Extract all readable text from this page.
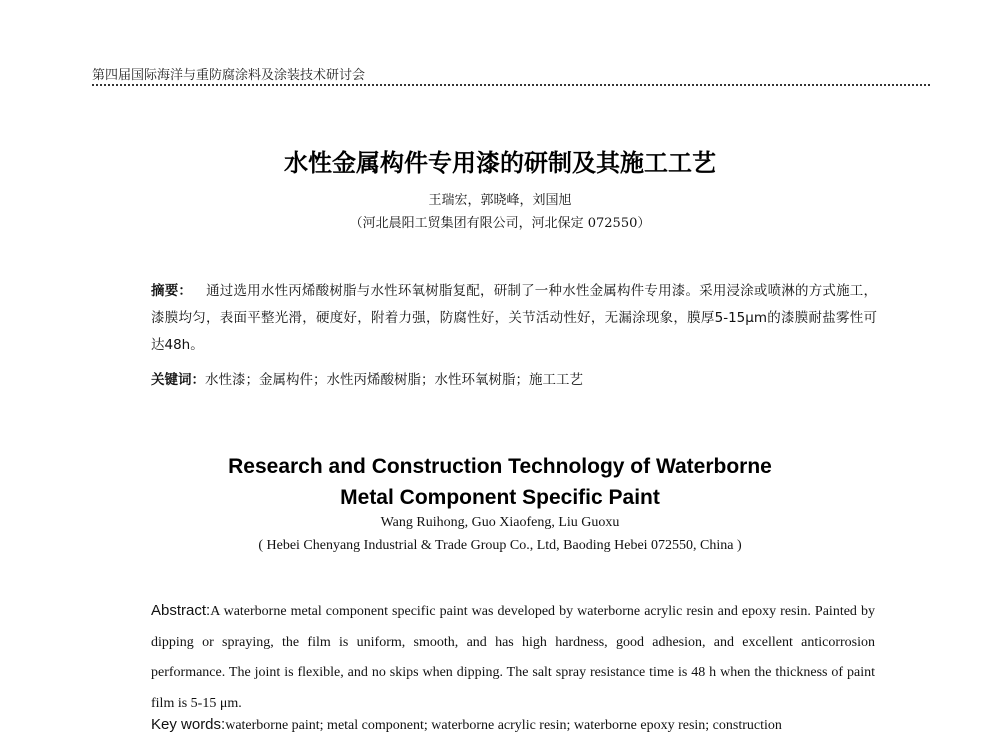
第四届国际海洋与重防腐涂料及涂装技术研讨会
水性金属构件专用漆的研制及其施工工艺
王瑞宏，郭晓峰，刘国旭
（河北晨阳工贸集团有限公司，河北保定 072550）
摘要： 通过选用水性丙烯酸树脂与水性环氧树脂复配，研制了一种水性金属构件专用漆。采用浸涂或喷淋的方式施工，漆膜均匀，表面平整光滑，硬度好，附着力强，防腐性好，关节活动性好，无漏涂现象，膜厚5-15μm的漆膜耐盐雾性可达48h。
关键词：水性漆；金属构件；水性丙烯酸树脂；水性环氧树脂；施工工艺
Research and Construction Technology of Waterborne
Metal Component Specific Paint
Wang Ruihong, Guo Xiaofeng, Liu Guoxu
( Hebei Chenyang Industrial & Trade Group Co., Ltd, Baoding Hebei 072550, China )
Abstract:A waterborne metal component specific paint was developed by waterborne acrylic resin and epoxy resin. Painted by dipping or spraying, the film is uniform, smooth, and has high hardness, good adhesion, and excellent anticorrosion performance. The joint is flexible, and no skips when dipping. The salt spray resistance time is 48 h when the thickness of paint film is 5-15 μm.
Key words:waterborne paint; metal component; waterborne acrylic resin; waterborne epoxy resin; construction
